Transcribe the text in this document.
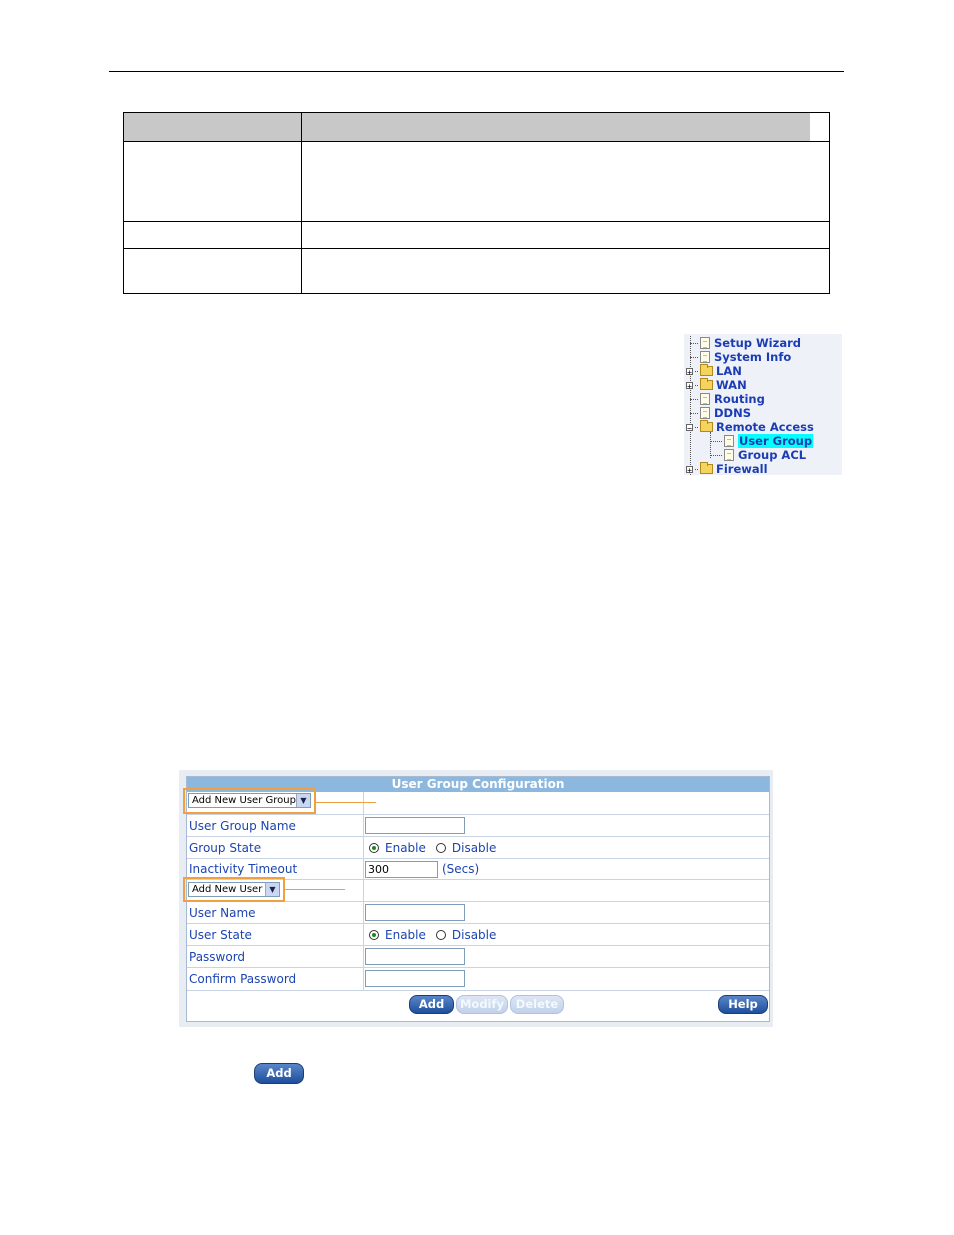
Setup Wizard
System Info
+ LAN
+ WAN
Routing
DDNS
− Remote Access
User Group
Group ACL
+ Firewall
User Group Configuration
User Group Name
Group State	Enable Disable
Inactivity Timeout	300	(Secs)
User Name
User State	Enable Disable
Password
Confirm Password
Add	Modify	Delete	Help
Add New User Group ▼
Add New User ▼
Add
